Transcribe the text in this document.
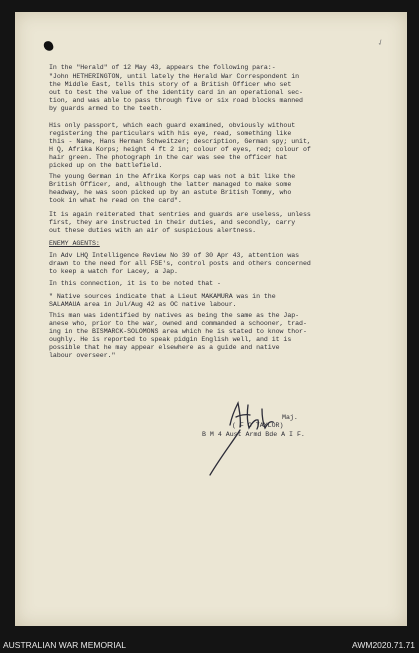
✓
In the "Herald" of 12 May 43, appears the following para:-
"John HETHERINGTON, until lately the Herald War Correspondent in
the Middle East, tells this story of a British Officer who set
out to test the value of the identity card in an operational sec-
tion, and was able to pass through five or six road blocks manned
by guards armed to the teeth.
His only passport, which each guard examined, obviously without
registering the particulars with his eye, read, something like
this - Name, Hans Herman Schweitzer; description, German spy; unit,
H Q, Afrika Korps; height 4 ft 2 in; colour of eyes, red; colour of
hair green. The photograph in the car was see the officer hat
picked up on the battlefield.
The young German in the Afrika Korps cap was not a bit like the
British Officer, and, although the latter managed to make some
headway, he was soon picked up by an astute British Tommy, who
took in what he read on the card".
It is again reiterated that sentries and guards are useless, unless
first, they are instructed in their duties, and secondly, carry
out these duties with an air of suspicious alertness.
ENEMY AGENTS:
In Adv LHQ Intelligence Review No 39 of 30 Apr 43, attention was
drawn to the need for all FSE's, control posts and others concerned
to keep a watch for Lacey, a Jap.
In this connection, it is to be noted that -
" Native sources indicate that a Lieut MAKAMURA was in the
SALAMAUA area in Jul/Aug 42 as OC native labour.
This man was identified by natives as being the same as the Jap-
anese who, prior to the war, owned and commanded a schooner, trad-
ing in the BISMARCK-SOLOMONS area which he is stated to know thor-
oughly. He is reported to speak pidgin English well, and it is
possible that he may appear elsewhere as a guide and native
labour overseer."
Maj.
( F C TAYLOR)
B M 4 Aust Armd Bde A I F.
AUSTRALIAN WAR MEMORIAL	AWM2020.71.71
